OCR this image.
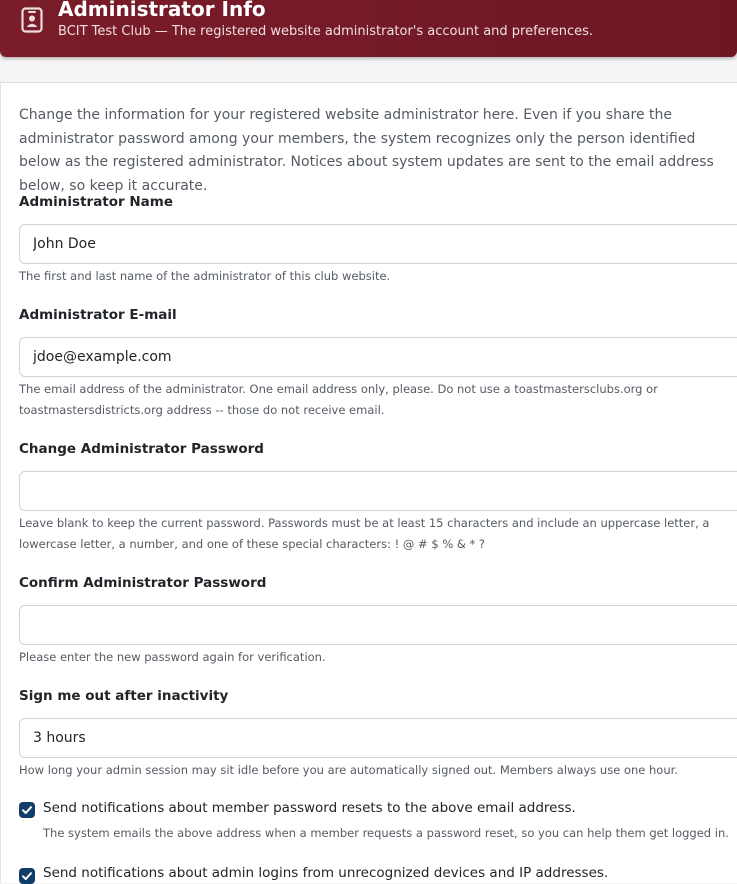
Administrator Info
BCIT Test Club — The registered website administrator's account and preferences.

Change the information for your registered website administrator here. Even if you share the administrator password among your members, the system recognizes only the person identified below as the registered administrator. Notices about system updates are sent to the email address below, so keep it accurate.

Administrator Name
John Doe
The first and last name of the administrator of this club website.
Administrator E-mail
jdoe@example.com
The email address of the administrator. One email address only, please. Do not use a toastmastersclubs.org or toastmastersdistricts.org address -- those do not receive email.
Change Administrator Password
Leave blank to keep the current password. Passwords must be at least 15 characters and include an uppercase letter, a lowercase letter, a number, and one of these special characters: ! @ # $ % & * ?
Confirm Administrator Password
Please enter the new password again for verification.
Sign me out after inactivity
3 hours
How long your admin session may sit idle before you are automatically signed out. Members always use one hour.
Send notifications about member password resets to the above email address.
The system emails the above address when a member requests a password reset, so you can help them get logged in.
Send notifications about admin logins from unrecognized devices and IP addresses.
